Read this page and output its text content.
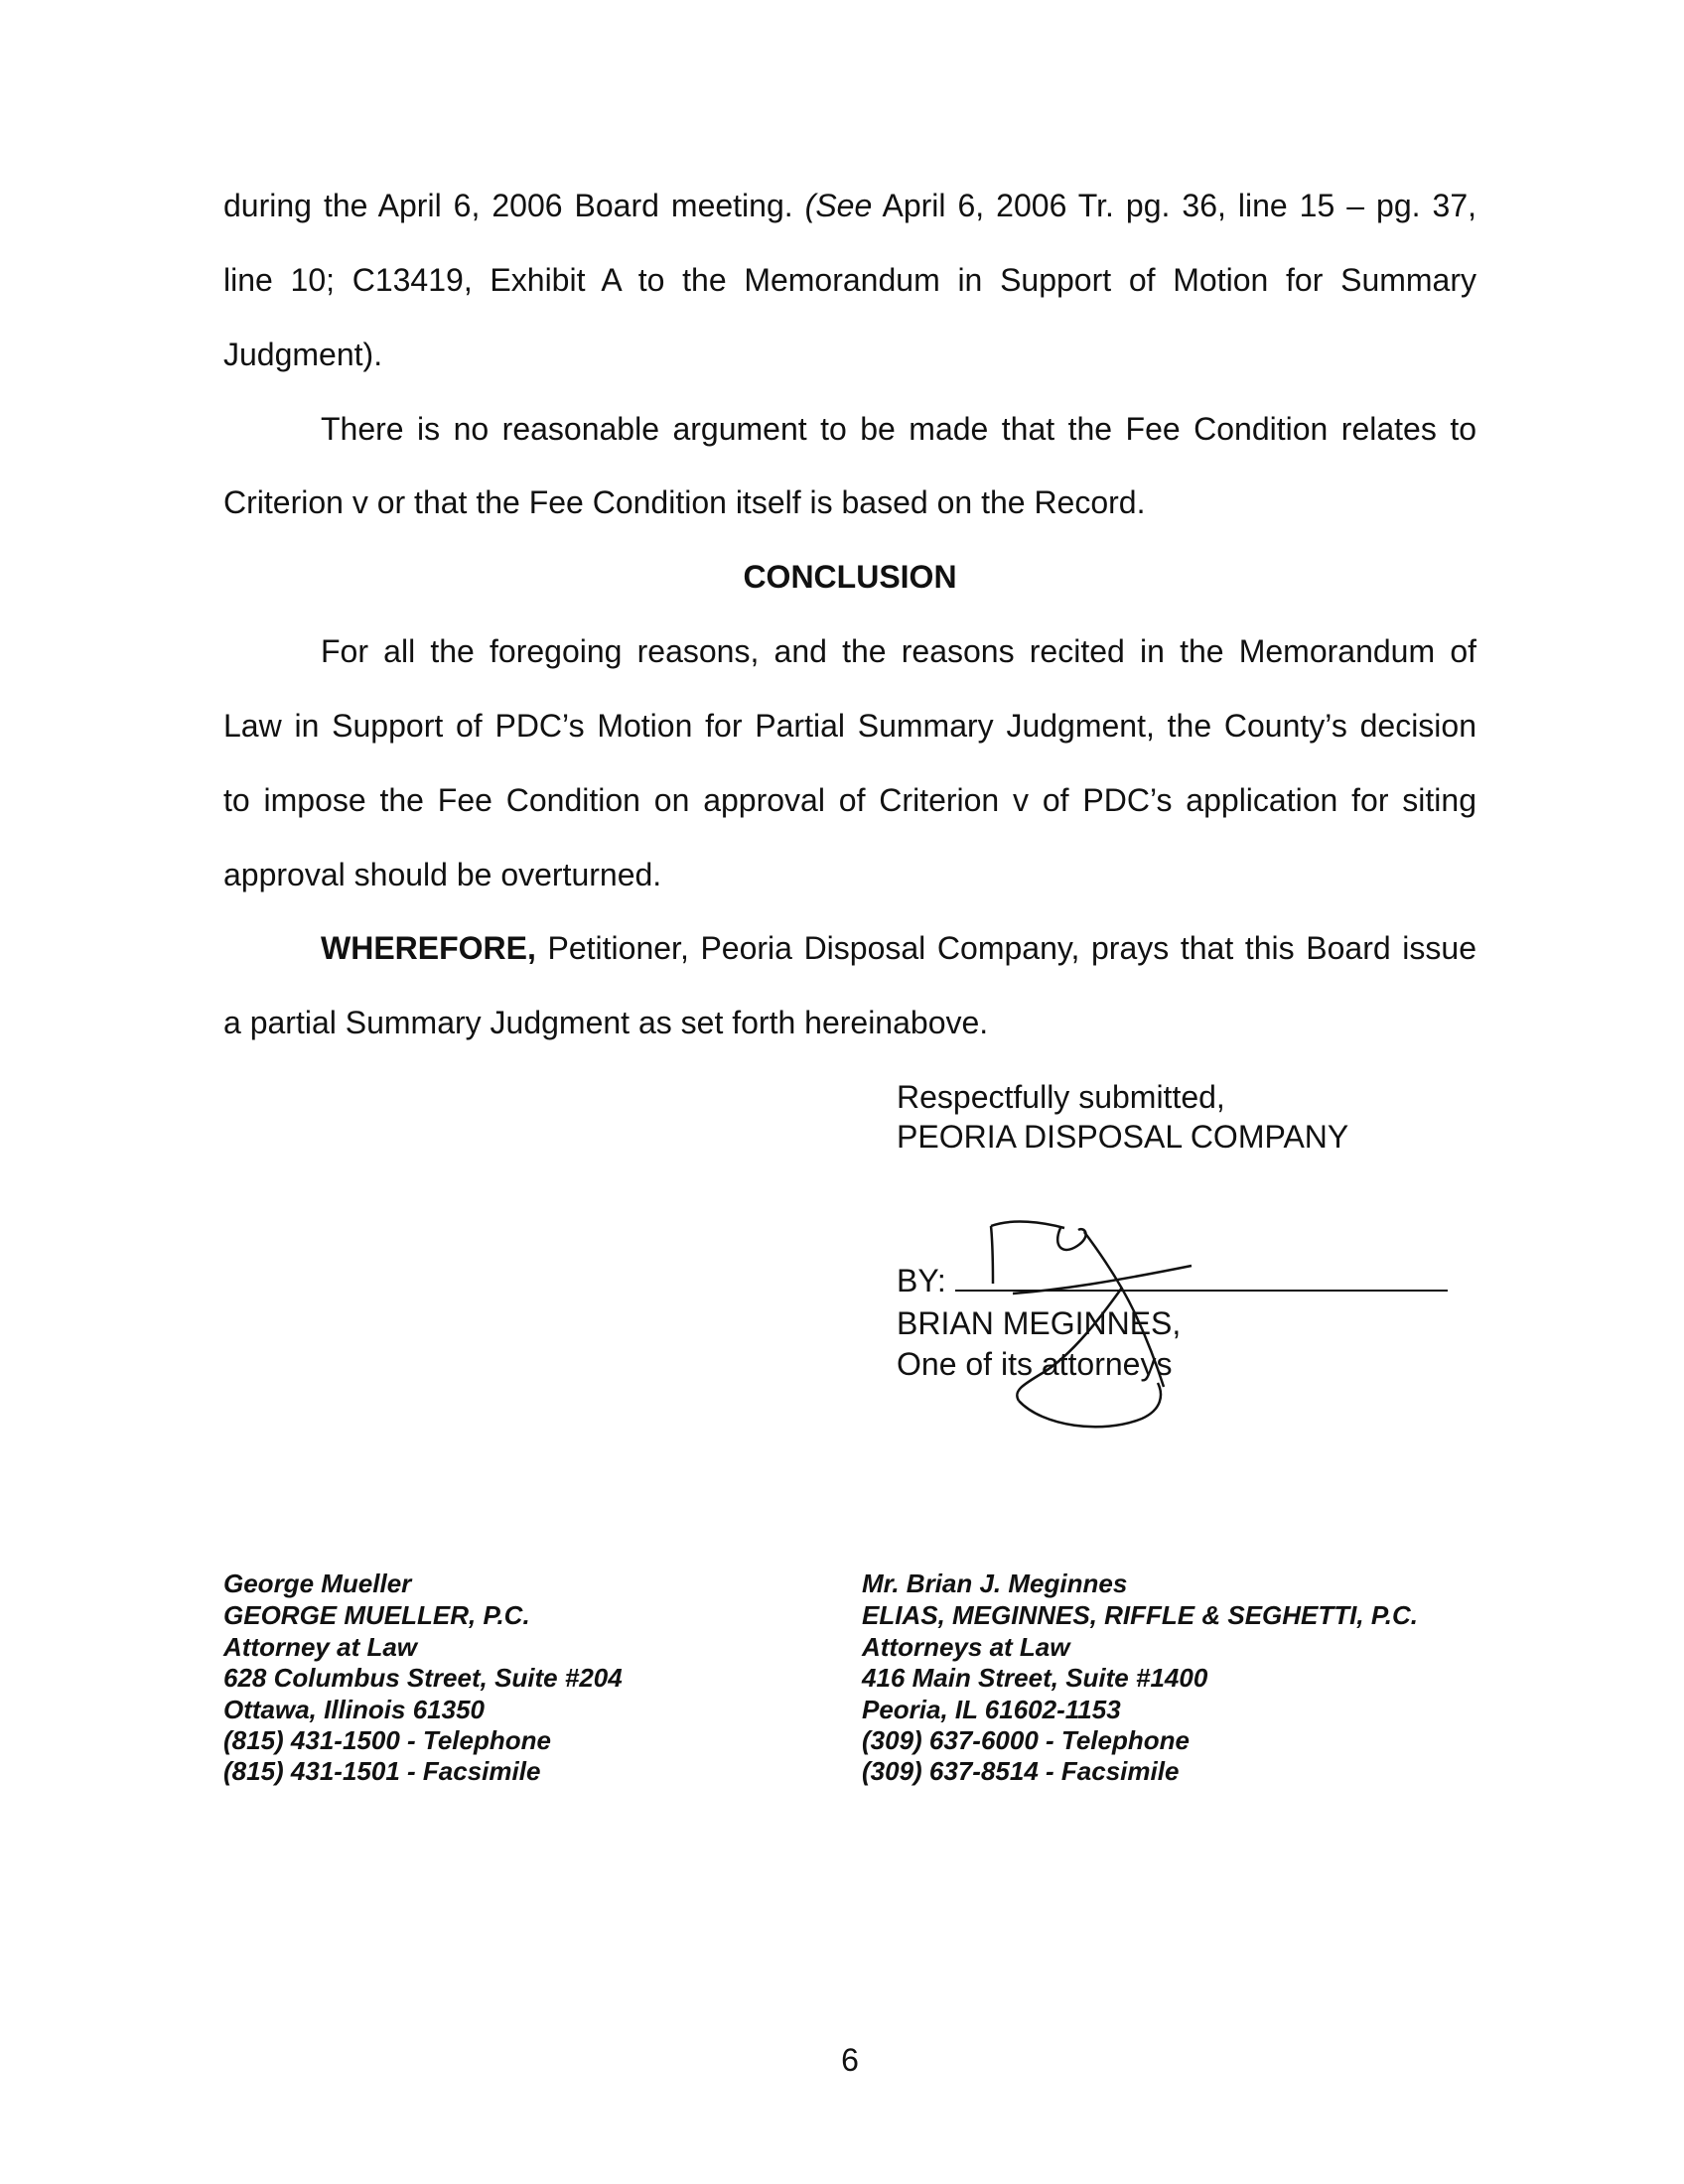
during the April 6, 2006 Board meeting. (See April 6, 2006 Tr. pg. 36, line 15 – pg. 37,
line 10; C13419, Exhibit A to the Memorandum in Support of Motion for Summary
Judgment).
There is no reasonable argument to be made that the Fee Condition relates to
Criterion v or that the Fee Condition itself is based on the Record.
CONCLUSION
For all the foregoing reasons, and the reasons recited in the Memorandum of
Law in Support of PDC’s Motion for Partial Summary Judgment, the County’s decision
to impose the Fee Condition on approval of Criterion v of PDC’s application for siting
approval should be overturned.
WHEREFORE, Petitioner, Peoria Disposal Company, prays that this Board issue
a partial Summary Judgment as set forth hereinabove.
Respectfully submitted,
PEORIA DISPOSAL COMPANY
BY:
BRIAN MEGINNES,
One of its attorneys
George Mueller
GEORGE MUELLER, P.C.
Attorney at Law
628 Columbus Street, Suite #204
Ottawa, Illinois 61350
(815) 431-1500 - Telephone
(815) 431-1501 - Facsimile
Mr. Brian J. Meginnes
ELIAS, MEGINNES, RIFFLE & SEGHETTI, P.C.
Attorneys at Law
416 Main Street, Suite #1400
Peoria, IL 61602-1153
(309) 637-6000 - Telephone
(309) 637-8514 - Facsimile
6
